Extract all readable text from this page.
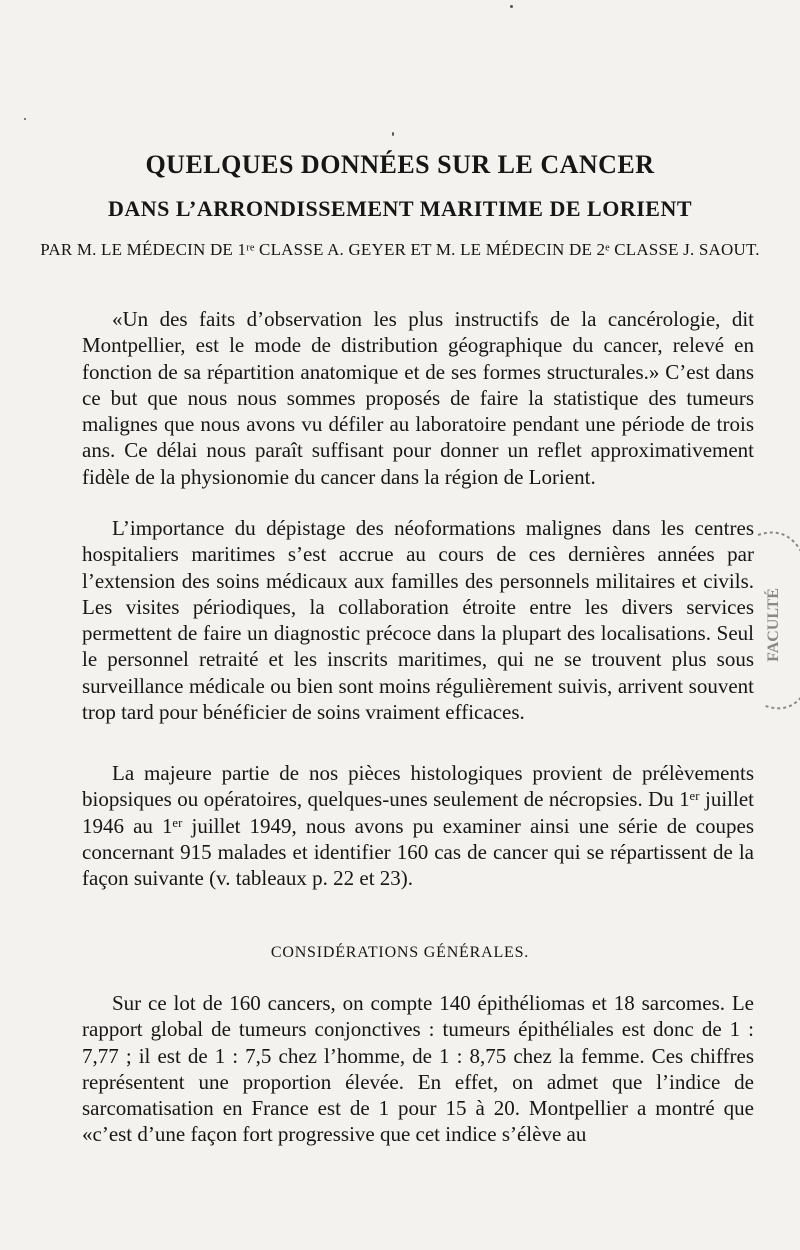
QUELQUES DONNÉES SUR LE CANCER
DANS L’ARRONDISSEMENT MARITIME DE LORIENT
PAR M. LE MÉDECIN DE 1ʳᵉ CLASSE A. GEYER ET M. LE MÉDECIN DE 2ᵉ CLASSE J. SAOUT.

«Un des faits d’observation les plus instructifs de la cancérologie, dit Montpellier, est le mode de distribution géographique du cancer, relevé en fonction de sa répartition anatomique et de ses formes structurales.» C’est dans ce but que nous nous sommes proposés de faire la statistique des tumeurs malignes que nous avons vu défiler au laboratoire pendant une période de trois ans. Ce délai nous paraît suffisant pour donner un reflet approximativement fidèle de la physionomie du cancer dans la région de Lorient.

L’importance du dépistage des néoformations malignes dans les centres hospitaliers maritimes s’est accrue au cours de ces dernières années par l’extension des soins médicaux aux familles des personnels militaires et civils. Les visites périodiques, la collaboration étroite entre les divers services permettent de faire un diagnostic précoce dans la plupart des localisations. Seul le personnel retraité et les inscrits maritimes, qui ne se trouvent plus sous surveillance médicale ou bien sont moins régulièrement suivis, arrivent souvent trop tard pour bénéficier de soins vraiment efficaces.

La majeure partie de nos pièces histologiques provient de prélèvements biopsiques ou opératoires, quelques-unes seulement de nécropsies. Du 1ᵉʳ juillet 1946 au 1ᵉʳ juillet 1949, nous avons pu examiner ainsi une série de coupes concernant 915 malades et identifier 160 cas de cancer qui se répartissent de la façon suivante (v. tableaux p. 22 et 23).

CONSIDÉRATIONS GÉNÉRALES.

Sur ce lot de 160 cancers, on compte 140 épithéliomas et 18 sarcomes. Le rapport global de tumeurs conjonctives : tumeurs épithéliales est donc de 1 : 7,77 ; il est de 1 : 7,5 chez l’homme, de 1 : 8,75 chez la femme. Ces chiffres représentent une proportion élevée. En effet, on admet que l’indice de sarcomatisation en France est de 1 pour 15 à 20. Montpellier a montré que «c’est d’une façon fort progressive que cet indice s’élève au

FACULTÉ
